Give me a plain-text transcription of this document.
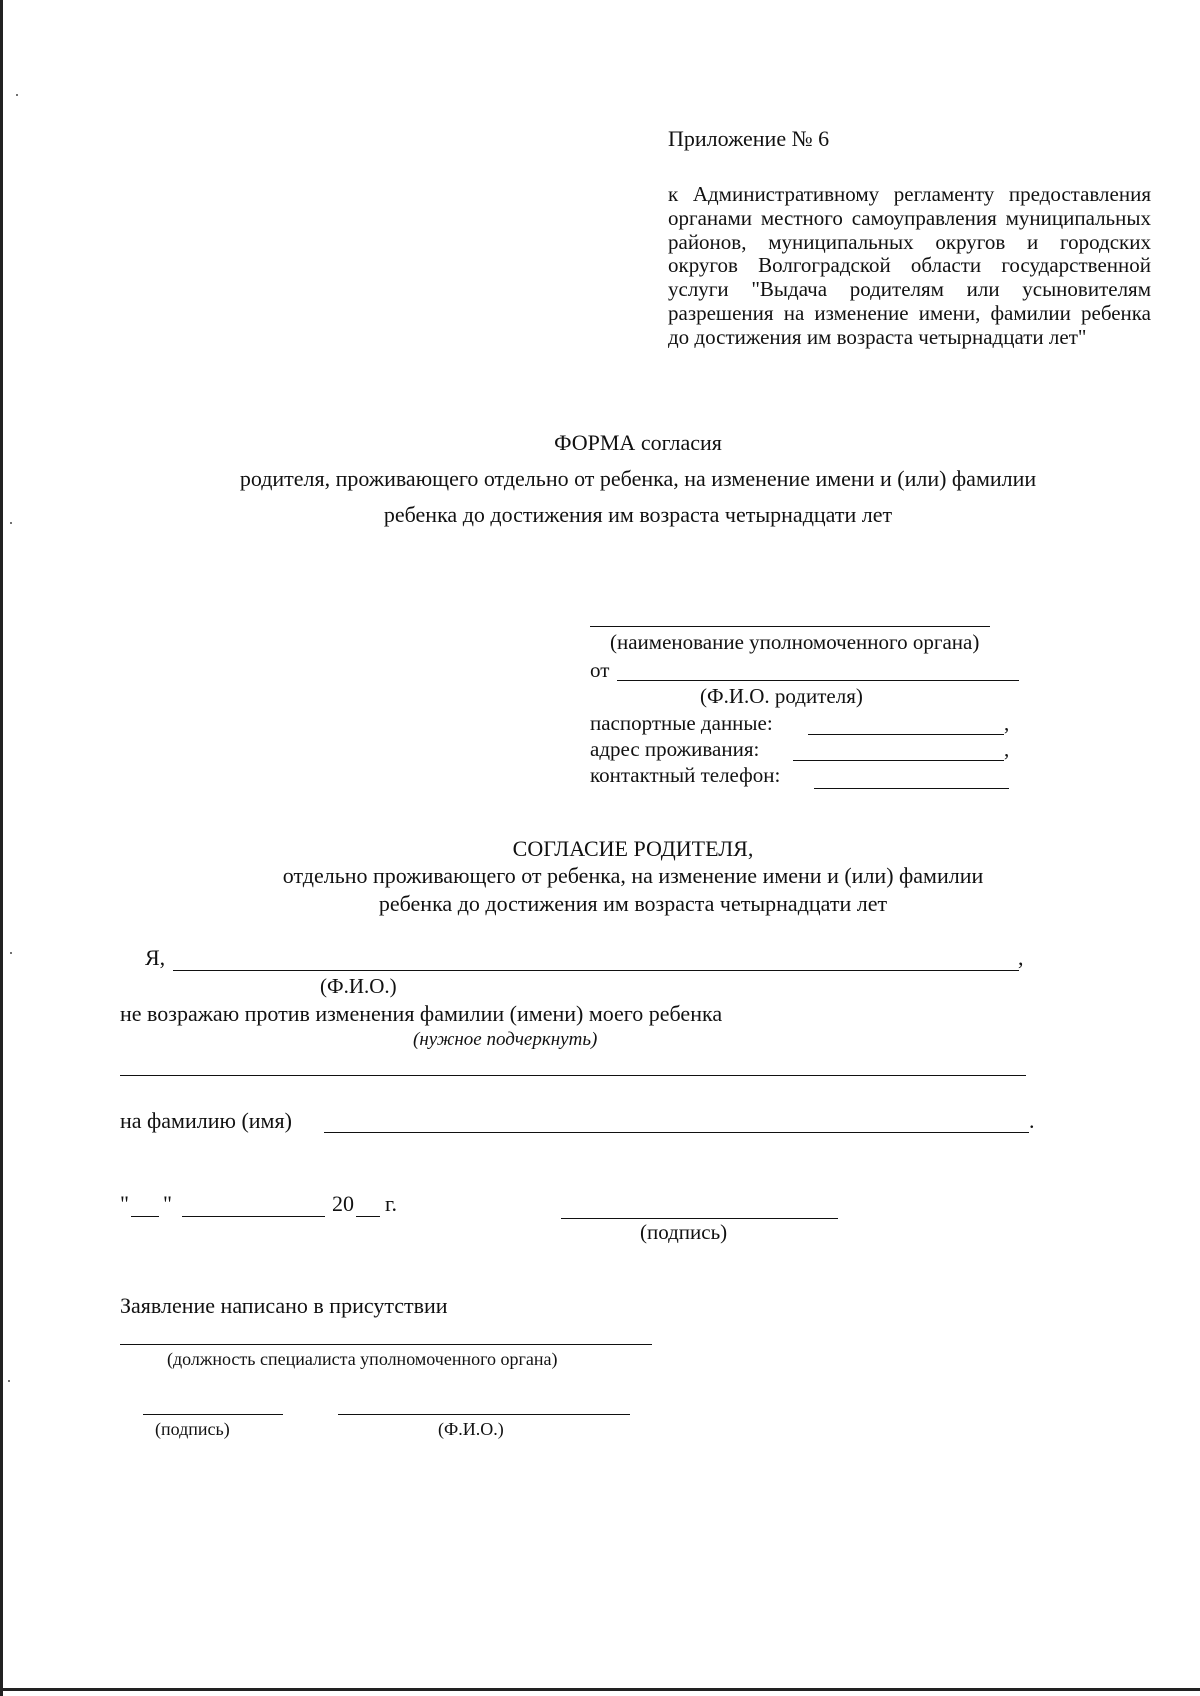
Приложение № 6
к Административному регламенту предоставления органами местного самоуправления муниципальных районов, муниципальных округов и городских округов Волгоградской области государственной услуги "Выдача родителям или усыновителям разрешения на изменение имени, фамилии ребенка до достижения им возраста четырнадцати лет"
ФОРМА согласия
родителя, проживающего отдельно от ребенка, на изменение имени и (или) фамилии
ребенка до достижения им возраста четырнадцати лет
(наименование уполномоченного органа)
от
(Ф.И.О. родителя)
паспортные данные:	,
адрес проживания:	,
контактный телефон:
СОГЛАСИЕ РОДИТЕЛЯ,
отдельно проживающего от ребенка, на изменение имени и (или) фамилии
ребенка до достижения им возраста четырнадцати лет
Я,	,
(Ф.И.О.)
не возражаю против изменения фамилии (имени) моего ребенка
(нужное подчеркнуть)
на фамилию (имя)	.
" "	20 г.
(подпись)
Заявление написано в присутствии
(должность специалиста уполномоченного органа)
(подпись)	(Ф.И.О.)
